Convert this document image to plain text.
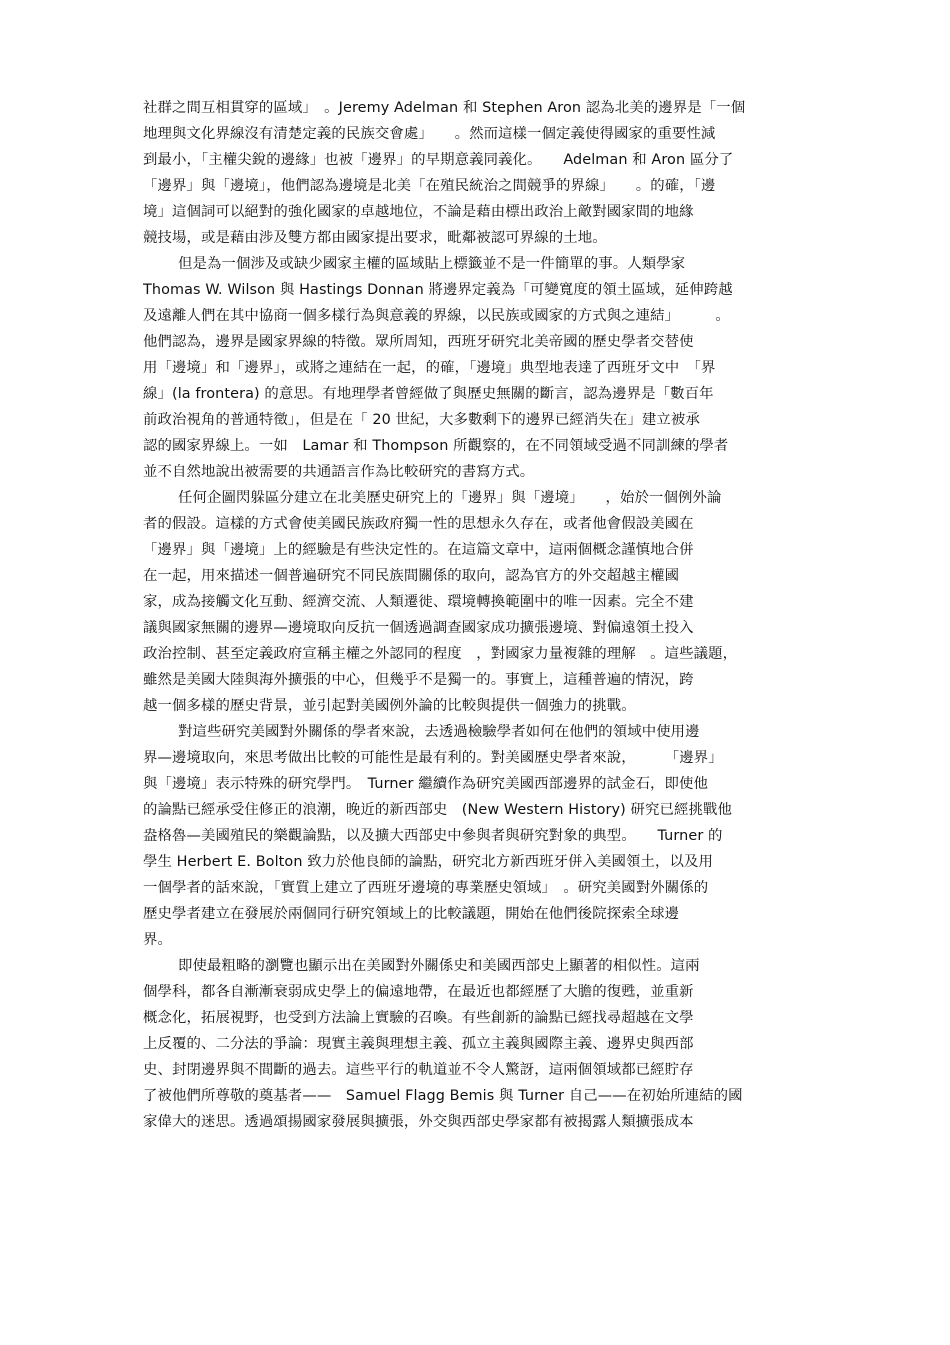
社群之間互相貫穿的區域」　。Jeremy Adelman 和 Stephen Aron 認為北美的邊界是「一個
地理與文化界線沒有清楚定義的民族交會處」　　。然而這樣一個定義使得國家的重要性減
到最小，「主權尖銳的邊緣」也被「邊界」的早期意義同義化。　　Adelman 和 Aron 區分了
「邊界」與「邊境」，他們認為邊境是北美「在殖民統治之間競爭的界線」　　。的確，「邊
境」這個詞可以絕對的強化國家的卓越地位，不論是藉由標出政治上敵對國家間的地緣
競技場，或是藉由涉及雙方都由國家提出要求，毗鄰被認可界線的土地。
但是為一個涉及或缺少國家主權的區域貼上標籤並不是一件簡單的事。人類學家
Thomas W. Wilson 與 Hastings Donnan 將邊界定義為「可變寬度的領土區域，延伸跨越
及遠離人們在其中協商一個多樣行為與意義的界線，以民族或國家的方式與之連結」　　　。
他們認為，邊界是國家界線的特徵。眾所周知，西班牙研究北美帝國的歷史學者交替使
用「邊境」和「邊界」，或將之連結在一起，的確，「邊境」典型地表達了西班牙文中　「界
線」(la frontera) 的意思。有地理學者曾經做了與歷史無關的斷言，認為邊界是「數百年
前政治視角的普通特徵」，但是在「 20 世紀，大多數剩下的邊界已經消失在」建立被承
認的國家界線上。一如　Lamar 和 Thompson 所觀察的，在不同領域受過不同訓練的學者
並不自然地說出被需要的共通語言作為比較研究的書寫方式。
任何企圖閃躲區分建立在北美歷史研究上的「邊界」與「邊境」　　，始於一個例外論
者的假設。這樣的方式會使美國民族政府獨一性的思想永久存在，或者他會假設美國在
「邊界」與「邊境」上的經驗是有些決定性的。在這篇文章中，這兩個概念謹慎地合併
在一起，用來描述一個普遍研究不同民族間關係的取向，認為官方的外交超越主權國
家，成為接觸文化互動、經濟交流、人類遷徙、環境轉換範圍中的唯一因素。完全不建
議與國家無關的邊界—邊境取向反抗一個透過調查國家成功擴張邊境、對偏遠領土投入
政治控制、甚至定義政府宣稱主權之外認同的程度　，對國家力量複雜的理解　。這些議題，
雖然是美國大陸與海外擴張的中心，但幾乎不是獨一的。事實上，這種普遍的情況，跨
越一個多樣的歷史背景，並引起對美國例外論的比較與提供一個強力的挑戰。
對這些研究美國對外關係的學者來說，去透過檢驗學者如何在他們的領域中使用邊
界—邊境取向，來思考做出比較的可能性是最有利的。對美國歷史學者來說，　　　「邊界」
與「邊境」表示特殊的研究學門。　Turner 繼續作為研究美國西部邊界的試金石，即使他
的論點已經承受住修正的浪潮，晚近的新西部史　(New Western History) 研究已經挑戰他
盎格魯—美國殖民的樂觀論點，以及擴大西部史中參與者與研究對象的典型。　　Turner 的
學生 Herbert E. Bolton 致力於他良師的論點，研究北方新西班牙併入美國領土，以及用
一個學者的話來說，「實質上建立了西班牙邊境的專業歷史領域」　。研究美國對外關係的
歷史學者建立在發展於兩個同行研究領域上的比較議題，開始在他們後院探索全球邊
界。
即使最粗略的瀏覽也顯示出在美國對外關係史和美國西部史上顯著的相似性。這兩
個學科，都各自漸漸衰弱成史學上的偏遠地帶，在最近也都經歷了大膽的復甦，並重新
概念化，拓展視野，也受到方法論上實驗的召喚。有些創新的論點已經找尋超越在文學
上反覆的、二分法的爭論：現實主義與理想主義、孤立主義與國際主義、邊界史與西部
史、封閉邊界與不間斷的過去。這些平行的軌道並不令人驚訝，這兩個領域都已經貯存
了被他們所尊敬的奠基者——　Samuel Flagg Bemis 與 Turner 自己——在初始所連結的國
家偉大的迷思。透過頌揚國家發展與擴張，外交與西部史學家都有被揭露人類擴張成本
